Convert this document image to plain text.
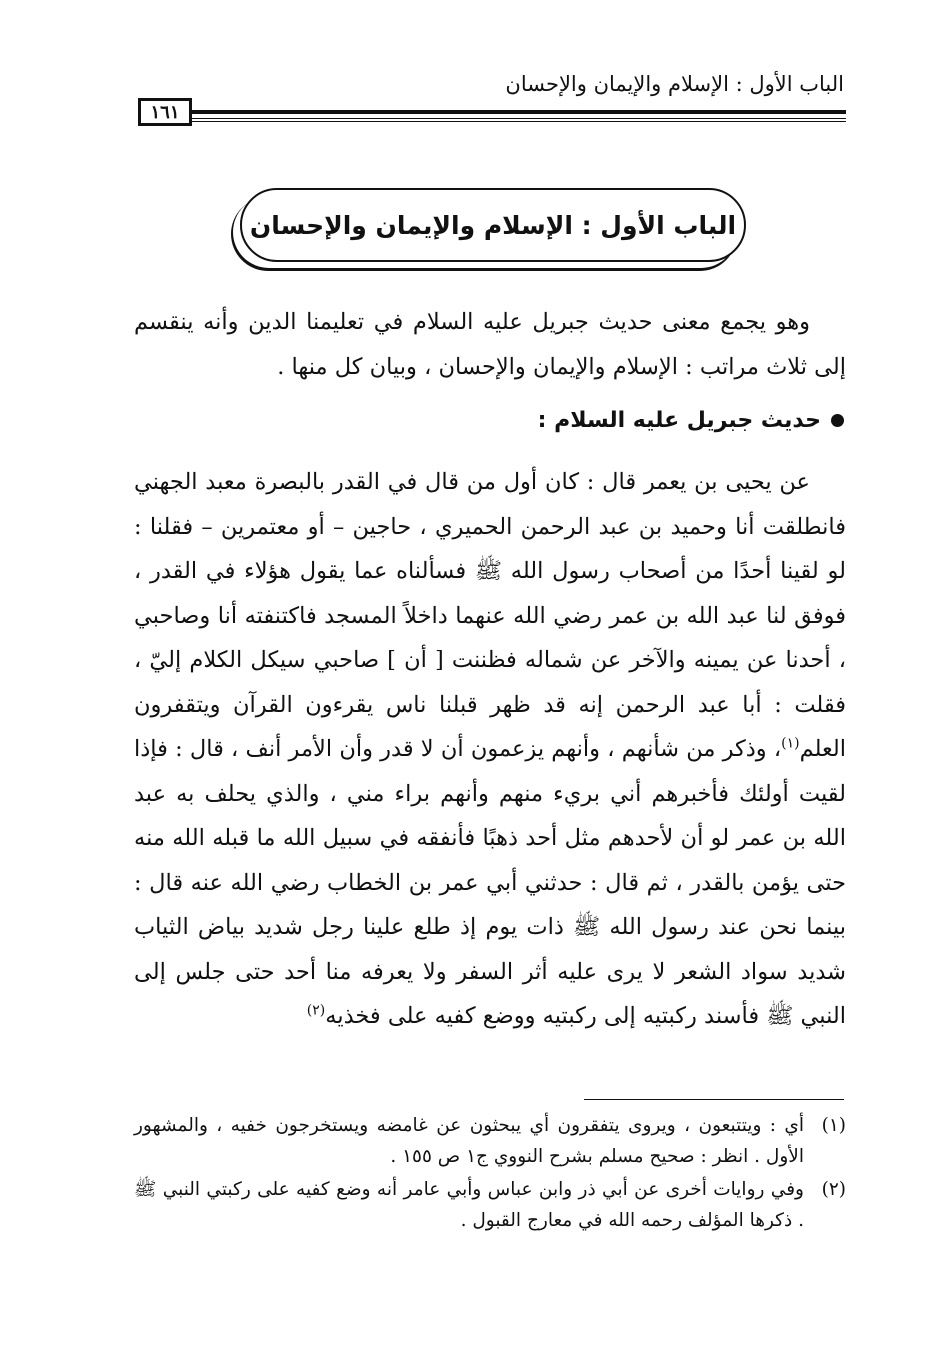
الباب الأول : الإسلام والإيمان والإحسان
١٦١
الباب الأول : الإسلام والإيمان والإحسان

وهو يجمع معنى حديث جبريل عليه السلام في تعليمنا الدين وأنه ينقسم إلى ثلاث مراتب : الإسلام والإيمان والإحسان ، وبيان كل منها .

حديث جبريل عليه السلام :

عن يحيى بن يعمر قال : كان أول من قال في القدر بالبصرة معبد الجهني فانطلقت أنا وحميد بن عبد الرحمن الحميري ، حاجين – أو معتمرين – فقلنا : لو لقينا أحدًا من أصحاب رسول الله ﷺ فسألناه عما يقول هؤلاء في القدر ، فوفق لنا عبد الله بن عمر رضي الله عنهما داخلاً المسجد فاكتنفته أنا وصاحبي ، أحدنا عن يمينه والآخر عن شماله فظننت [ أن ] صاحبي سيكل الكلام إليّ ، فقلت : أبا عبد الرحمن إنه قد ظهر قبلنا ناس يقرءون القرآن ويتقفرون العلم$^{(١)}$، وذكر من شأنهم ، وأنهم يزعمون أن لا قدر وأن الأمر أنف ، قال : فإذا لقيت أولئك فأخبرهم أني بريء منهم وأنهم براء مني ، والذي يحلف به عبد الله بن عمر لو أن لأحدهم مثل أحد ذهبًا فأنفقه في سبيل الله ما قبله الله منه حتى يؤمن بالقدر ، ثم قال : حدثني أبي عمر بن الخطاب رضي الله عنه قال : بينما نحن عند رسول الله ﷺ ذات يوم إذ طلع علينا رجل شديد بياض الثياب شديد سواد الشعر لا يرى عليه أثر السفر ولا يعرفه منا أحد حتى جلس إلى النبي ﷺ فأسند ركبتيه إلى ركبتيه ووضع كفيه على فخذيه$^{(٢)}$

(١)
أي : ويتتبعون ، ويروى يتفقرون أي يبحثون عن غامضه ويستخرجون خفيه ، والمشهور الأول . انظر : صحيح مسلم بشرح النووي ج١ ص ١٥٥ .
(٢)
وفي روايات أخرى عن أبي ذر وابن عباس وأبي عامر أنه وضع كفيه على ركبتي النبي ﷺ . ذكرها المؤلف رحمه الله في معارج القبول .
